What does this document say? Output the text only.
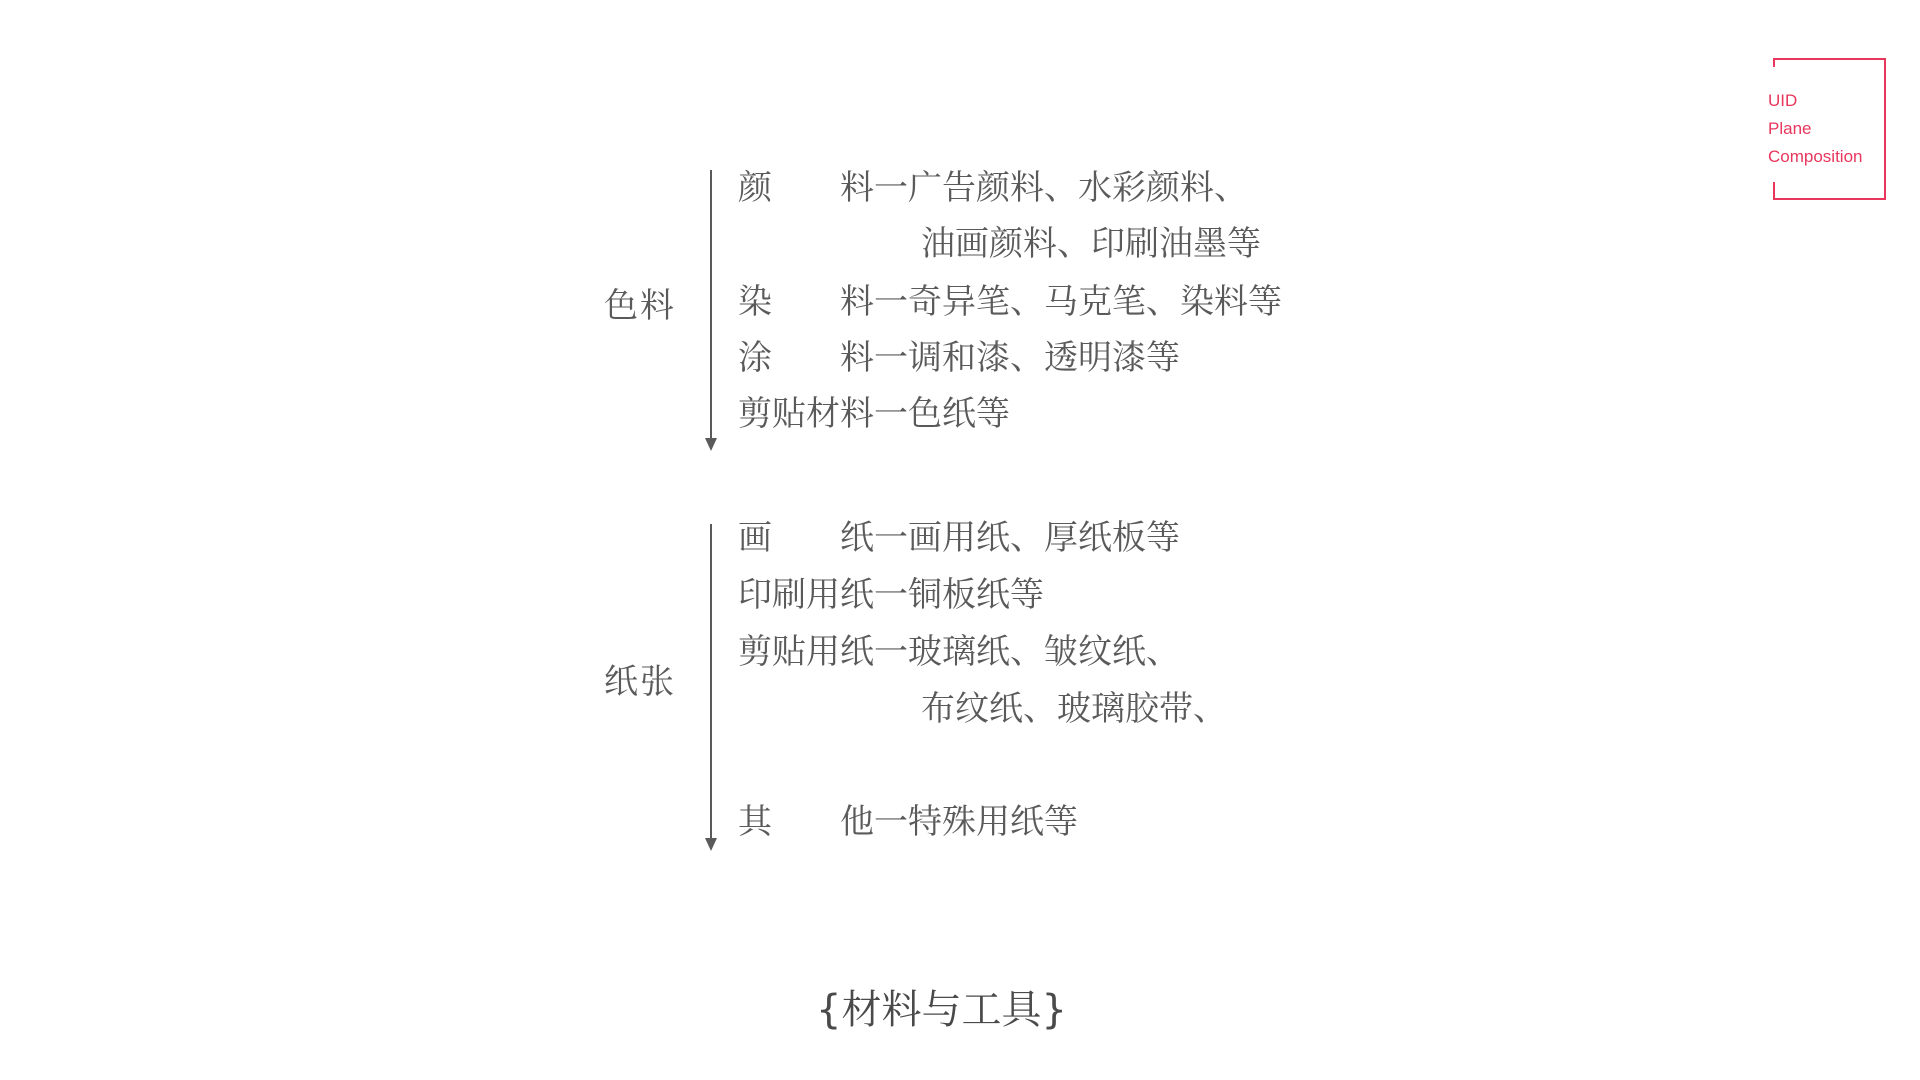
UID
Plane
Composition
色料
颜　　料一广告颜料、水彩颜料、
油画颜料、印刷油墨等
染　　料一奇异笔、马克笔、染料等
涂　　料一调和漆、透明漆等
剪贴材料一色纸等
纸张
画　　纸一画用纸、厚纸板等
印刷用纸一铜板纸等
剪贴用纸一玻璃纸、皱纹纸、
布纹纸、玻璃胶带、
其　　他一特殊用纸等
{材料与工具}
